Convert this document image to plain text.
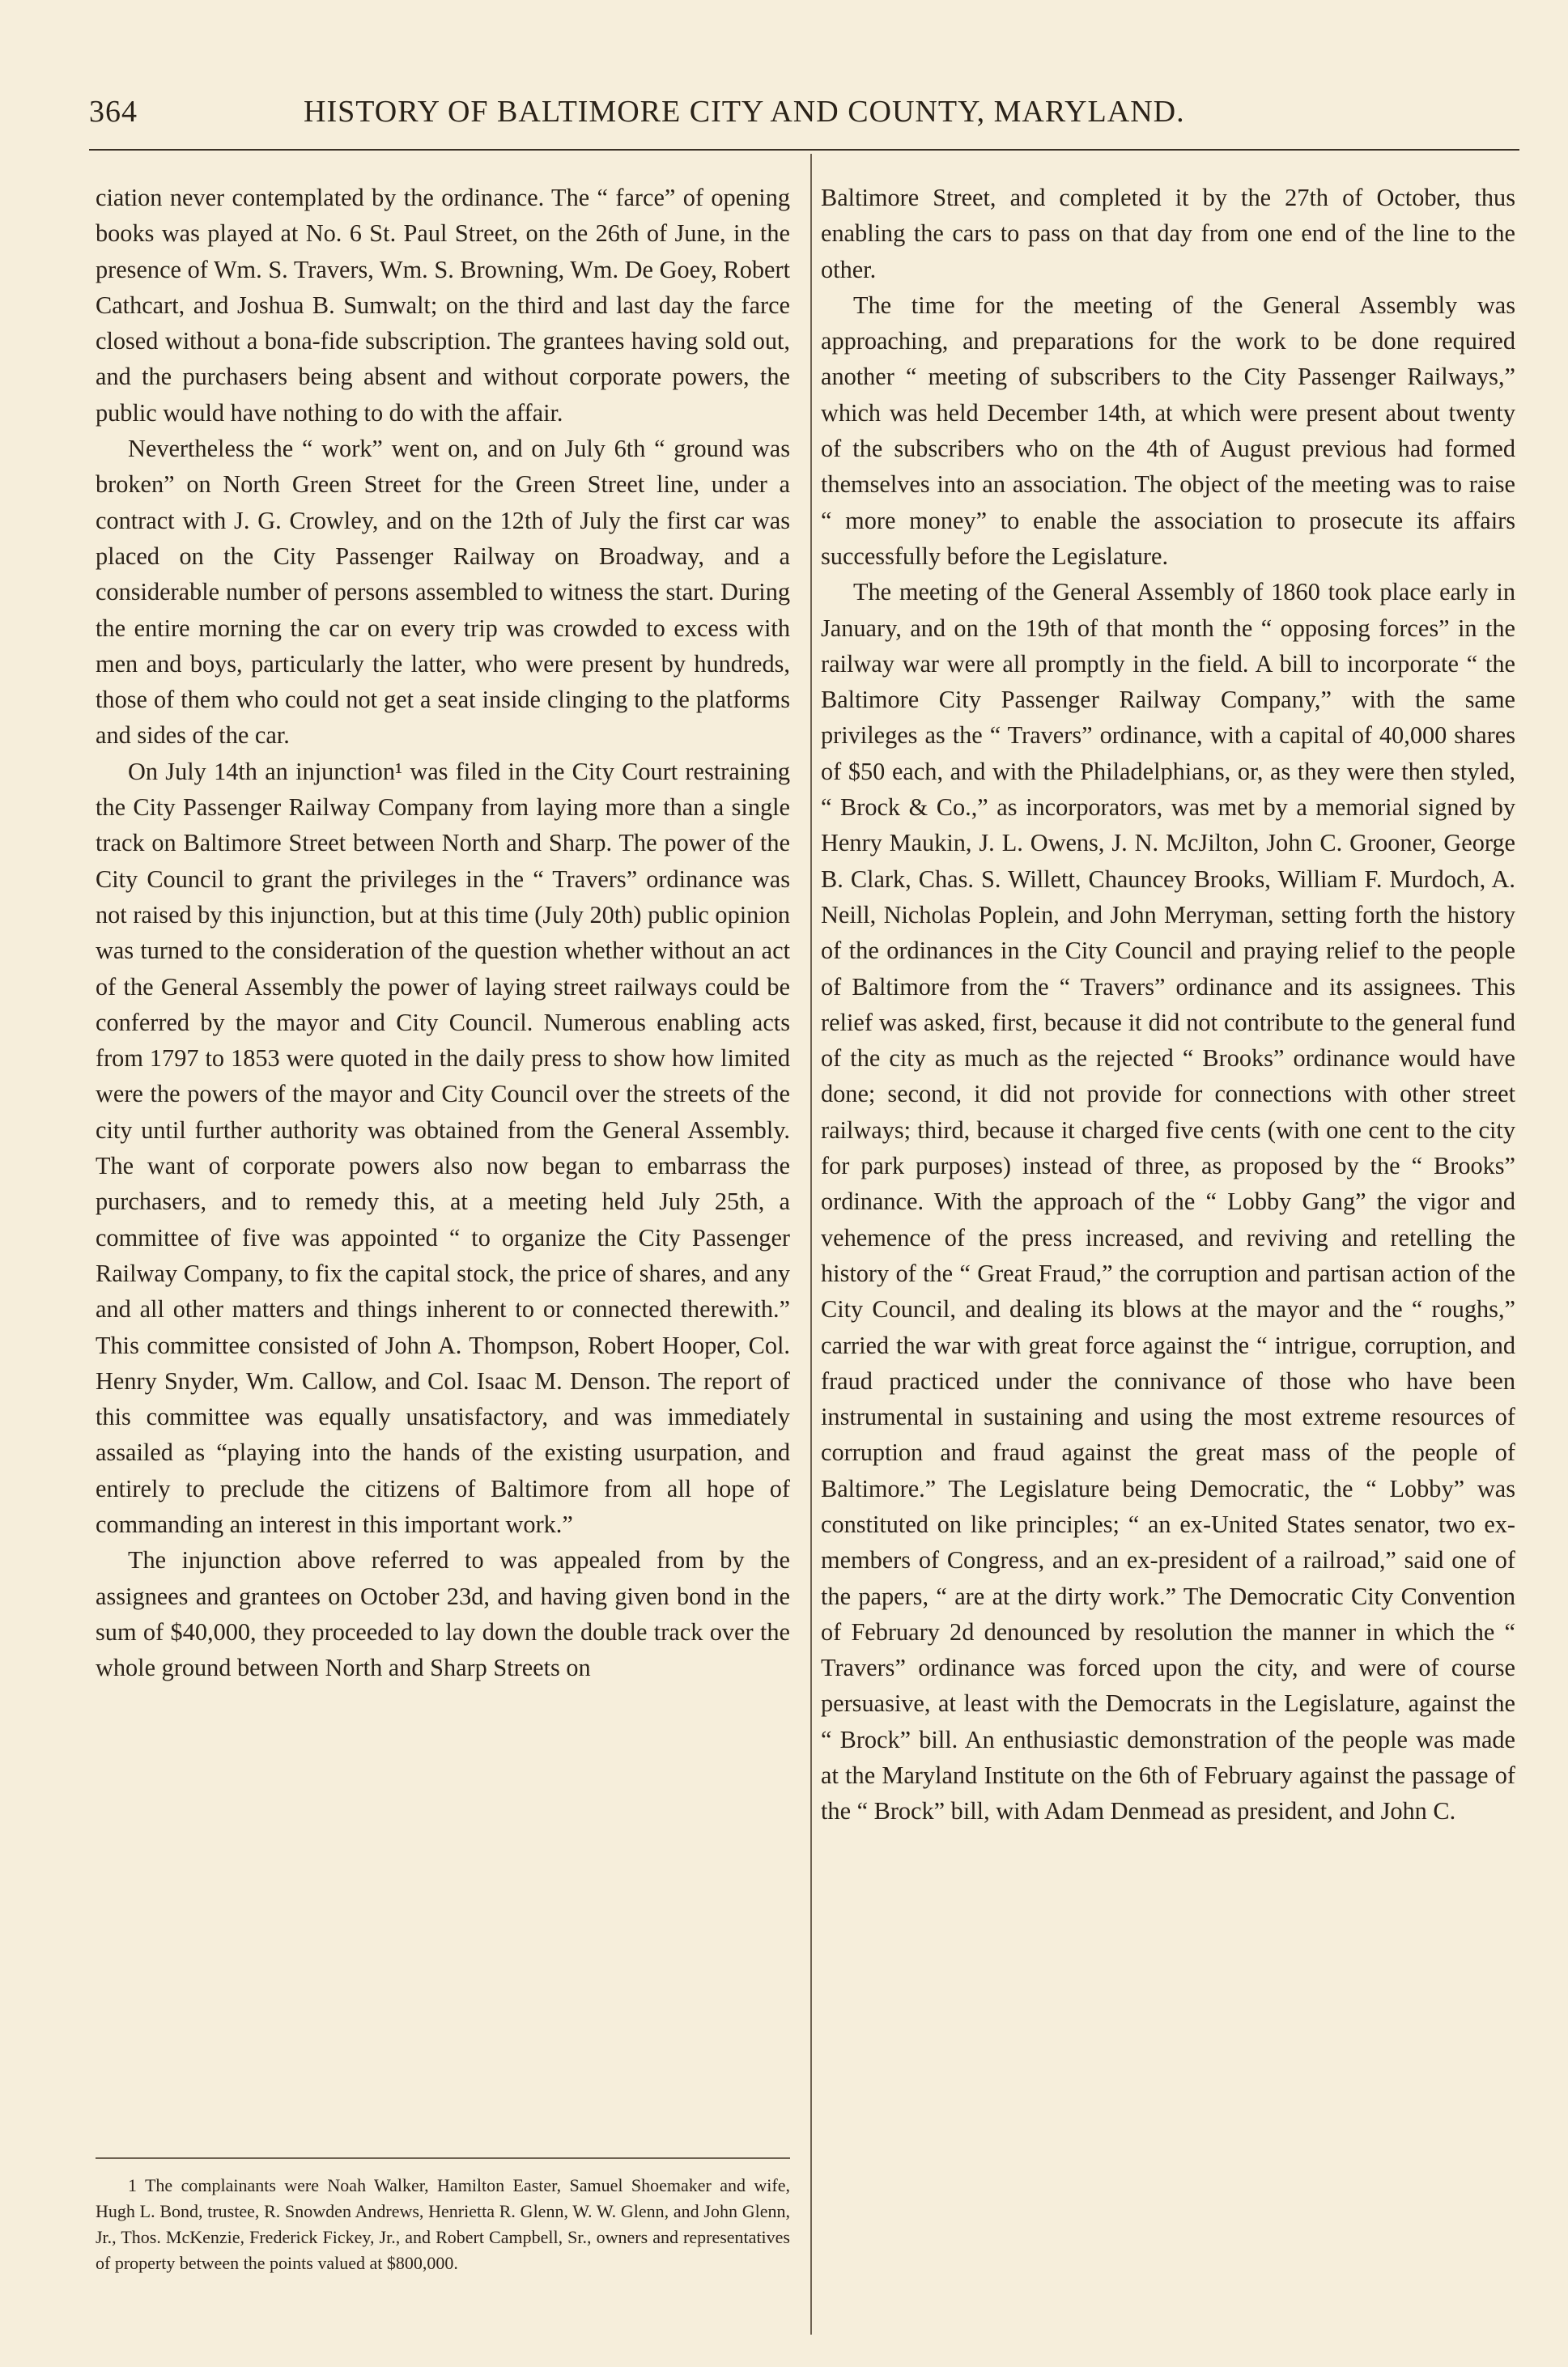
364	HISTORY OF BALTIMORE CITY AND COUNTY, MARYLAND.

ciation never contemplated by the ordinance. The “ farce” of opening books was played at No. 6 St. Paul Street, on the 26th of June, in the presence of Wm. S. Travers, Wm. S. Browning, Wm. De Goey, Robert Cathcart, and Joshua B. Sumwalt; on the third and last day the farce closed without a bona-fide subscription. The grantees having sold out, and the purchasers being absent and without corporate powers, the public would have nothing to do with the affair.

Nevertheless the “ work” went on, and on July 6th “ ground was broken” on North Green Street for the Green Street line, under a contract with J. G. Crowley, and on the 12th of July the first car was placed on the City Passenger Railway on Broadway, and a considerable number of persons assembled to witness the start. During the entire morning the car on every trip was crowded to excess with men and boys, particularly the latter, who were present by hundreds, those of them who could not get a seat inside clinging to the platforms and sides of the car.

On July 14th an injunction¹ was filed in the City Court restraining the City Passenger Railway Company from laying more than a single track on Baltimore Street between North and Sharp. The power of the City Council to grant the privileges in the “ Travers” ordinance was not raised by this injunction, but at this time (July 20th) public opinion was turned to the consideration of the question whether without an act of the General Assembly the power of laying street railways could be conferred by the mayor and City Council. Numerous enabling acts from 1797 to 1853 were quoted in the daily press to show how limited were the powers of the mayor and City Council over the streets of the city until further authority was obtained from the General Assembly. The want of corporate powers also now began to embarrass the purchasers, and to remedy this, at a meeting held July 25th, a committee of five was appointed “ to organize the City Passenger Railway Company, to fix the capital stock, the price of shares, and any and all other matters and things inherent to or connected therewith.” This committee consisted of John A. Thompson, Robert Hooper, Col. Henry Snyder, Wm. Callow, and Col. Isaac M. Denson. The report of this committee was equally unsatisfactory, and was immediately assailed as “playing into the hands of the existing usurpation, and entirely to preclude the citizens of Baltimore from all hope of commanding an interest in this important work.”

The injunction above referred to was appealed from by the assignees and grantees on October 23d, and having given bond in the sum of $40,000, they proceeded to lay down the double track over the whole ground between North and Sharp Streets on

Baltimore Street, and completed it by the 27th of October, thus enabling the cars to pass on that day from one end of the line to the other.

The time for the meeting of the General Assembly was approaching, and preparations for the work to be done required another “ meeting of subscribers to the City Passenger Railways,” which was held December 14th, at which were present about twenty of the subscribers who on the 4th of August previous had formed themselves into an association. The object of the meeting was to raise “ more money” to enable the association to prosecute its affairs successfully before the Legislature.

The meeting of the General Assembly of 1860 took place early in January, and on the 19th of that month the “ opposing forces” in the railway war were all promptly in the field. A bill to incorporate “ the Baltimore City Passenger Railway Company,” with the same privileges as the “ Travers” ordinance, with a capital of 40,000 shares of $50 each, and with the Philadelphians, or, as they were then styled, “ Brock & Co.,” as incorporators, was met by a memorial signed by Henry Maukin, J. L. Owens, J. N. McJilton, John C. Grooner, George B. Clark, Chas. S. Willett, Chauncey Brooks, William F. Murdoch, A. Neill, Nicholas Poplein, and John Merryman, setting forth the history of the ordinances in the City Council and praying relief to the people of Baltimore from the “ Travers” ordinance and its assignees. This relief was asked, first, because it did not contribute to the general fund of the city as much as the rejected “ Brooks” ordinance would have done; second, it did not provide for connections with other street railways; third, because it charged five cents (with one cent to the city for park purposes) instead of three, as proposed by the “ Brooks” ordinance. With the approach of the “ Lobby Gang” the vigor and vehemence of the press increased, and reviving and retelling the history of the “ Great Fraud,” the corruption and partisan action of the City Council, and dealing its blows at the mayor and the “ roughs,” carried the war with great force against the “ intrigue, corruption, and fraud practiced under the connivance of those who have been instrumental in sustaining and using the most extreme resources of corruption and fraud against the great mass of the people of Baltimore.” The Legislature being Democratic, the “ Lobby” was constituted on like principles; “ an ex-United States senator, two ex-members of Congress, and an ex-president of a railroad,” said one of the papers, “ are at the dirty work.” The Democratic City Convention of February 2d denounced by resolution the manner in which the “ Travers” ordinance was forced upon the city, and were of course persuasive, at least with the Democrats in the Legislature, against the “ Brock” bill. An enthusiastic demonstration of the people was made at the Maryland Institute on the 6th of February against the passage of the “ Brock” bill, with Adam Denmead as president, and John C.

1 The complainants were Noah Walker, Hamilton Easter, Samuel Shoemaker and wife, Hugh L. Bond, trustee, R. Snowden Andrews, Henrietta R. Glenn, W. W. Glenn, and John Glenn, Jr., Thos. McKenzie, Frederick Fickey, Jr., and Robert Campbell, Sr., owners and representatives of property between the points valued at $800,000.
